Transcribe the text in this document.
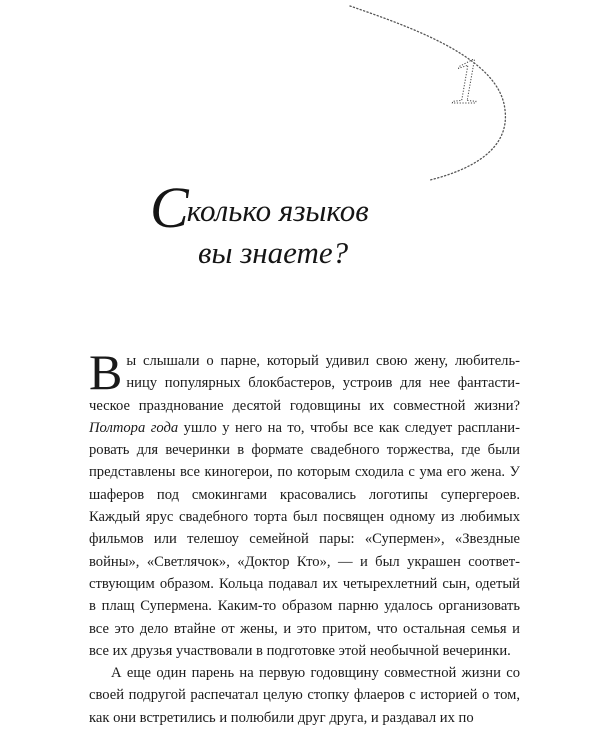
1
Сколько языков
вы знаете?

Вы слышали о парне, который удивил свою жену, любительницу популярных блокбастеров, устроив для нее фантастическое празднование десятой годовщины их совместной жизни? Полтора года ушло у него на то, чтобы все как следует распланировать для вечеринки в формате свадебного торжества, где были представлены все киногерои, по которым сходила с ума его жена. У шаферов под смокингами красовались логотипы супергероев. Каждый ярус свадебного торта был посвящен одному из любимых фильмов или телешоу семейной пары: «Супермен», «Звездные войны», «Светлячок», «Доктор Кто», — и был украшен соответствующим образом. Кольца подавал их четырехлетний сын, одетый в плащ Супермена. Каким-то образом парню удалось организовать все это дело втайне от жены, и это притом, что остальная семья и все их друзья участвовали в подготовке этой необычной вечеринки.

А еще один парень на первую годовщину совместной жизни со своей подругой распечатал целую стопку флаеров с историей о том, как они встретились и полюбили друг друга, и раздавал их по
